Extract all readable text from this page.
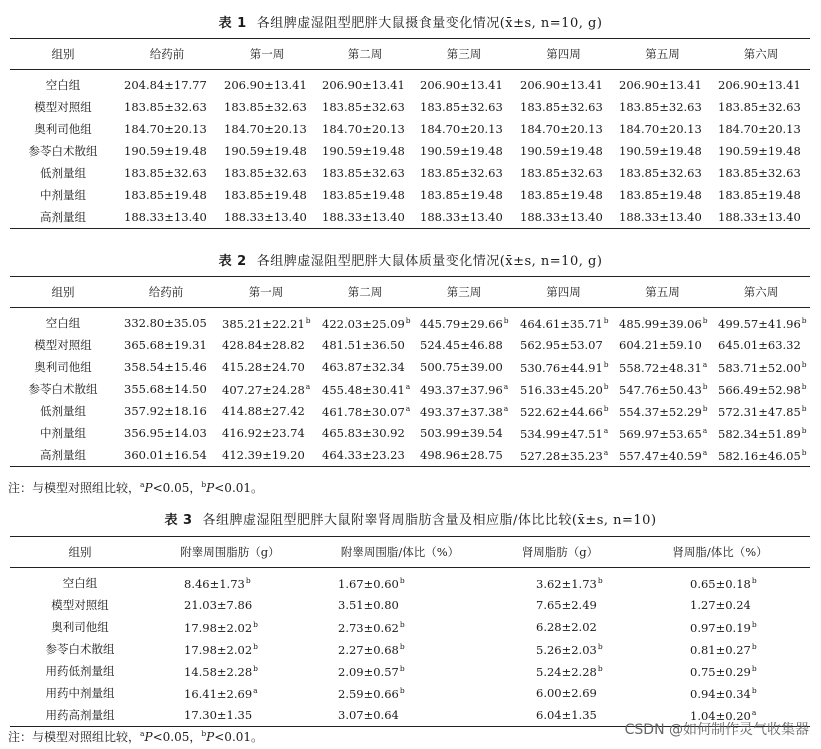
表 1 各组脾虚湿阻型肥胖大鼠摄食量变化情况(x̄±s, n=10, g)
组别	给药前	第一周	第二周	第三周	第四周	第五周	第六周
空白组	204.84±17.77	206.90±13.41	206.90±13.41	206.90±13.41	206.90±13.41	206.90±13.41	206.90±13.41
模型对照组	183.85±32.63	183.85±32.63	183.85±32.63	183.85±32.63	183.85±32.63	183.85±32.63	183.85±32.63
奥利司他组	184.70±20.13	184.70±20.13	184.70±20.13	184.70±20.13	184.70±20.13	184.70±20.13	184.70±20.13
参苓白术散组	190.59±19.48	190.59±19.48	190.59±19.48	190.59±19.48	190.59±19.48	190.59±19.48	190.59±19.48
低剂量组	183.85±32.63	183.85±32.63	183.85±32.63	183.85±32.63	183.85±32.63	183.85±32.63	183.85±32.63
中剂量组	183.85±19.48	183.85±19.48	183.85±19.48	183.85±19.48	183.85±19.48	183.85±19.48	183.85±19.48
高剂量组	188.33±13.40	188.33±13.40	188.33±13.40	188.33±13.40	188.33±13.40	188.33±13.40	188.33±13.40
表 2 各组脾虚湿阻型肥胖大鼠体质量变化情况(x̄±s, n=10, g)
组别	给药前	第一周	第二周	第三周	第四周	第五周	第六周
空白组	332.80±35.05	385.21±22.21$^b$	422.03±25.09$^b$	445.79±29.66$^b$	464.61±35.71$^b$	485.99±39.06$^b$	499.57±41.96$^b$
模型对照组	365.68±19.31	428.84±28.82	481.51±36.50	524.45±46.88	562.95±53.07	604.21±59.10	645.01±63.32
奥利司他组	358.54±15.46	415.28±24.70	463.87±32.34	500.75±39.00	530.76±44.91$^b$	558.72±48.31$^a$	583.71±52.00$^b$
参苓白术散组	355.68±14.50	407.27±24.28$^a$	455.48±30.41$^a$	493.37±37.96$^a$	516.33±45.20$^b$	547.76±50.43$^b$	566.49±52.98$^b$
低剂量组	357.92±18.16	414.88±27.42	461.78±30.07$^a$	493.37±37.38$^a$	522.62±44.66$^b$	554.37±52.29$^b$	572.31±47.85$^b$
中剂量组	356.95±14.03	416.92±23.74	465.83±30.92	503.99±39.54	534.99±47.51$^a$	569.97±53.65$^a$	582.34±51.89$^b$
高剂量组	360.01±16.54	412.39±19.20	464.33±23.23	498.96±28.75	527.28±35.23$^a$	557.47±40.59$^a$	582.16±46.05$^b$
注：与模型对照组比较，$^a$P<0.05，$^b$P<0.01。
表 3 各组脾虚湿阻型肥胖大鼠附睾肾周脂肪含量及相应脂/体比比较(x̄±s, n=10)
组别	附睾周围脂肪（g）	附睾周围脂/体比（%）	肾周脂肪（g）	肾周脂/体比（%）
空白组	8.46±1.73$^b$	1.67±0.60$^b$	3.62±1.73$^b$	0.65±0.18$^b$
模型对照组	21.03±7.86	3.51±0.80	7.65±2.49	1.27±0.24
奥利司他组	17.98±2.02$^b$	2.73±0.62$^b$	6.28±2.02	0.97±0.19$^b$
参苓白术散组	17.98±2.02$^b$	2.27±0.68$^b$	5.26±2.03$^b$	0.81±0.27$^b$
用药低剂量组	14.58±2.28$^b$	2.09±0.57$^b$	5.24±2.28$^b$	0.75±0.29$^b$
用药中剂量组	16.41±2.69$^a$	2.59±0.66$^b$	6.00±2.69	0.94±0.34$^b$
用药高剂量组	17.30±1.35	3.07±0.64	6.04±1.35	1.04±0.20$^a$
注：与模型对照组比较，$^a$P<0.05，$^b$P<0.01。	CSDN @如何制作灵气收集器
